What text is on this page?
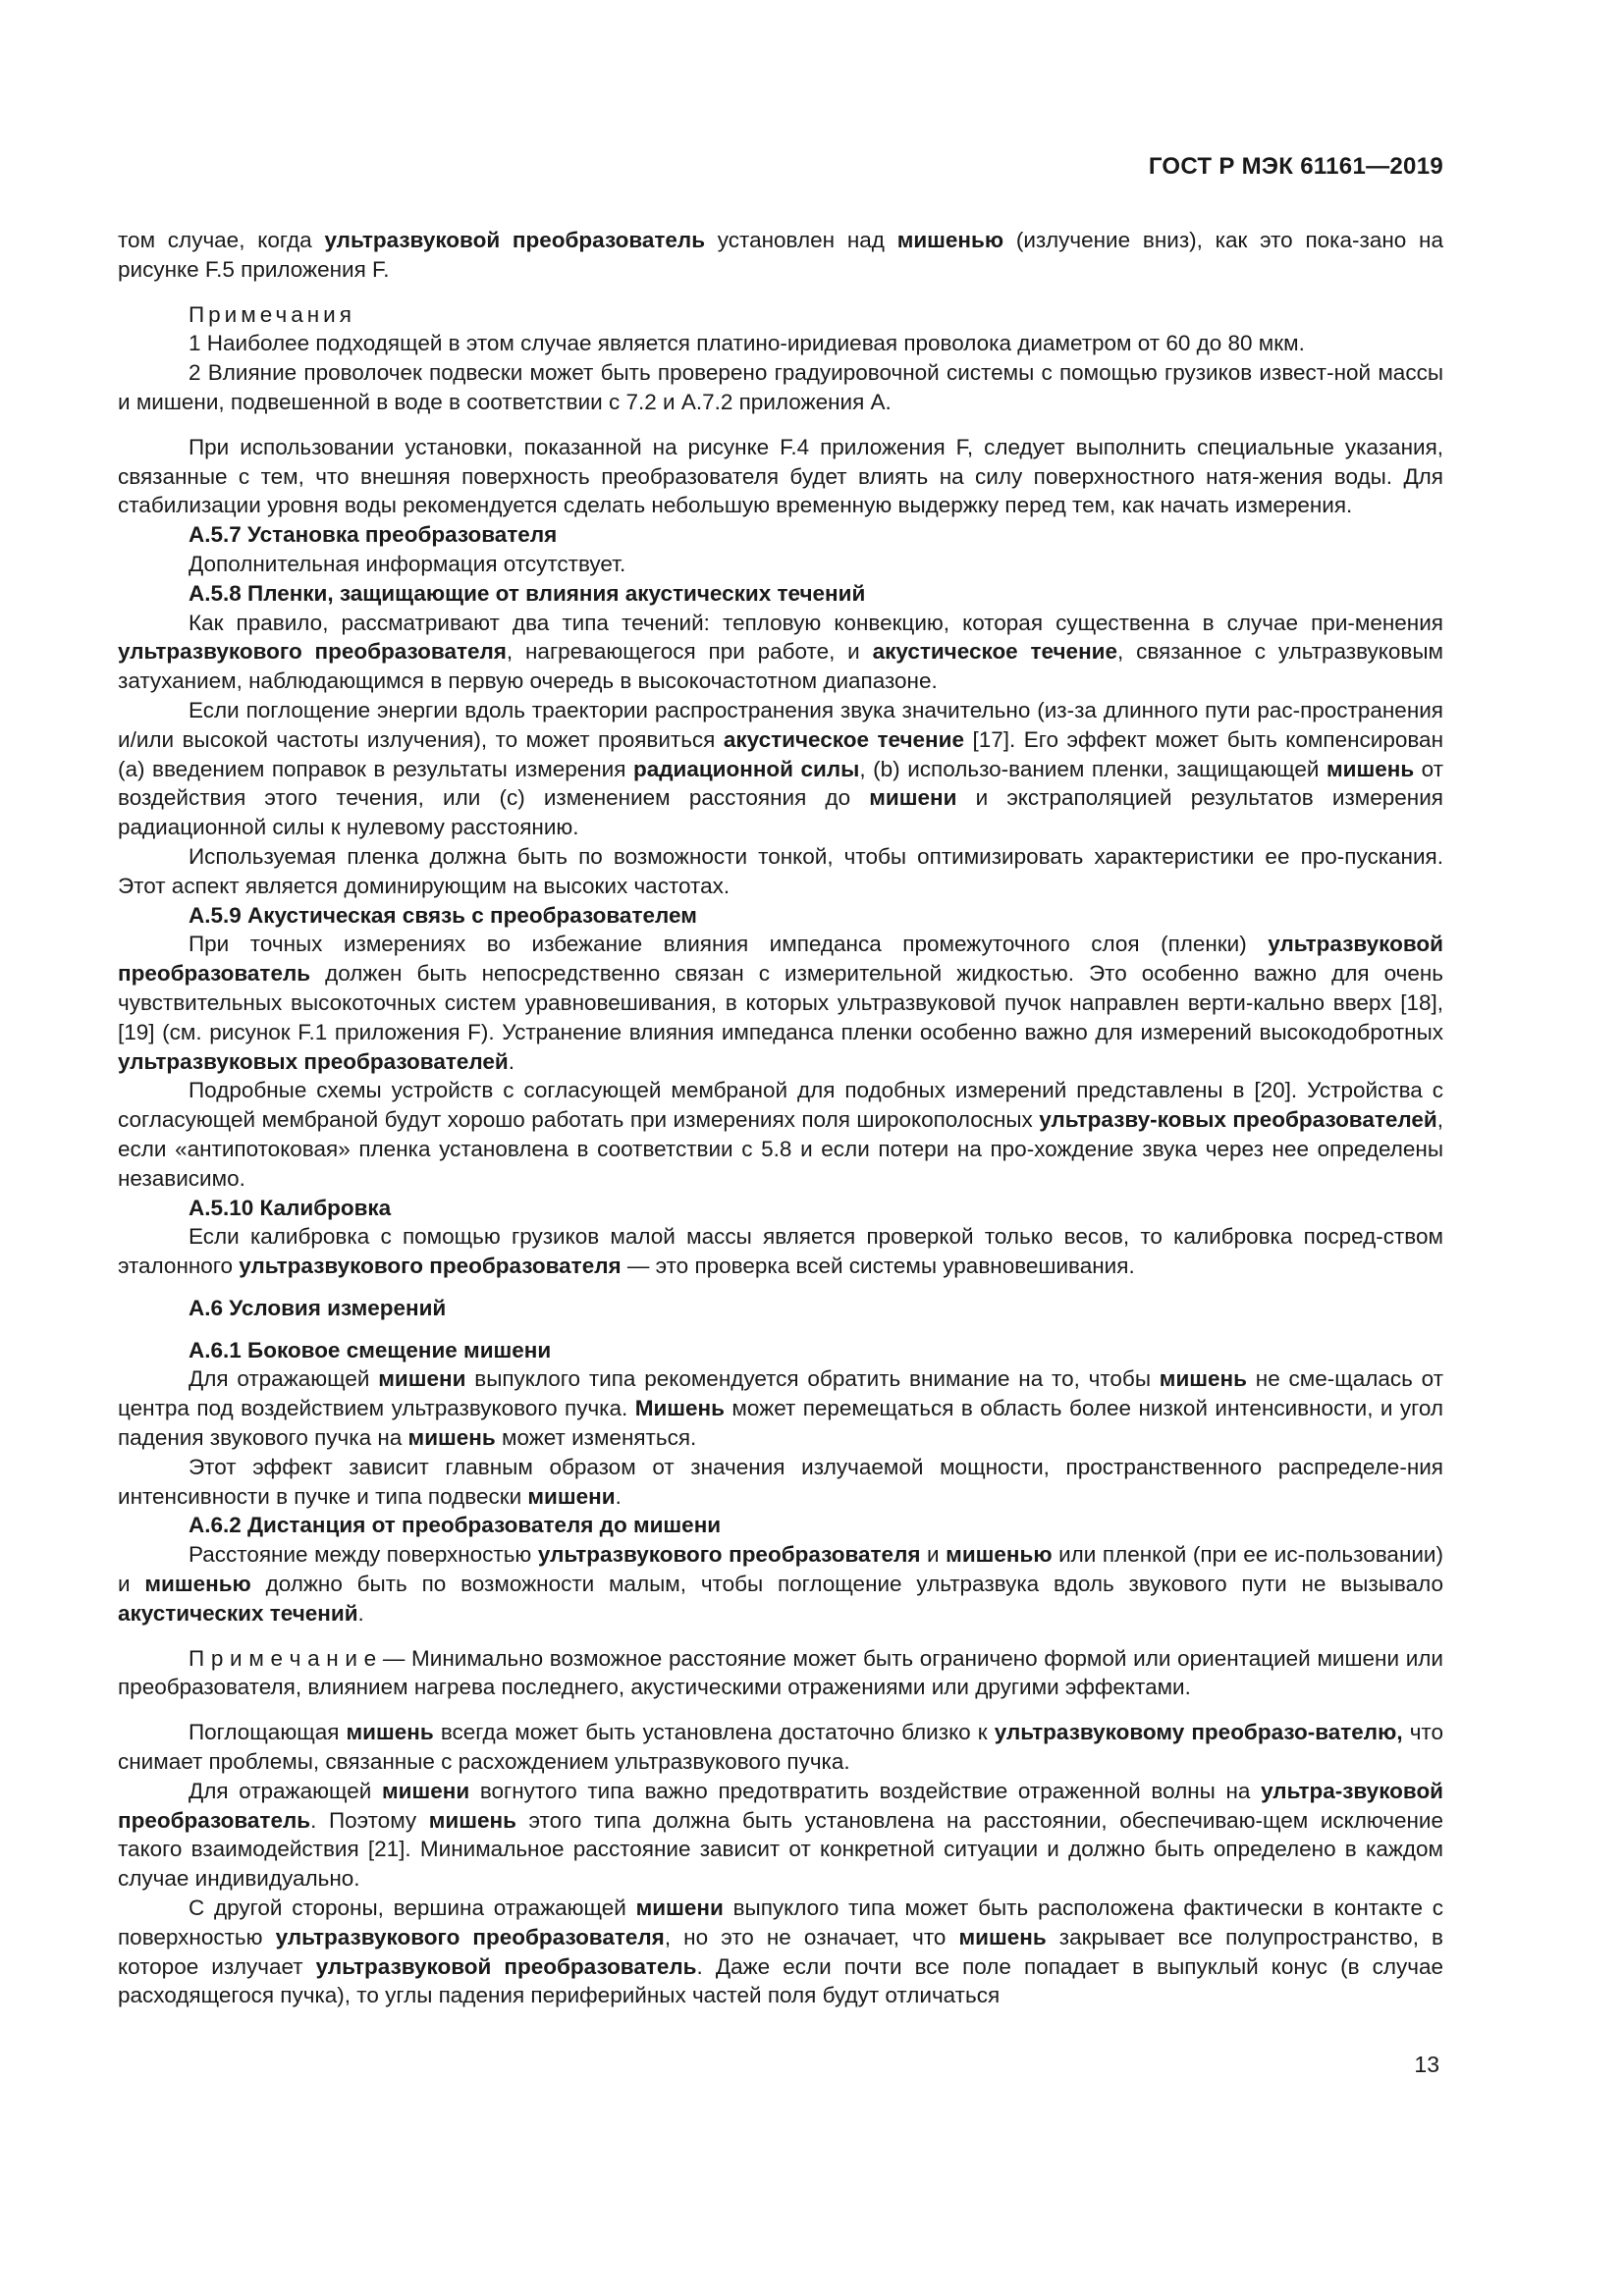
ГОСТ Р МЭК 61161—2019

том случае, когда ультразвуковой преобразователь установлен над мишенью (излучение вниз), как это пока-зано на рисунке F.5 приложения F.

Примечания

1 Наиболее подходящей в этом случае является платино-иридиевая проволока диаметром от 60 до 80 мкм.

2 Влияние проволочек подвески может быть проверено градуировочной системы с помощью грузиков извест-ной массы и мишени, подвешенной в воде в соответствии с 7.2 и А.7.2 приложения А.

При использовании установки, показанной на рисунке F.4 приложения F, следует выполнить специальные указания, связанные с тем, что внешняя поверхность преобразователя будет влиять на силу поверхностного натя-жения воды. Для стабилизации уровня воды рекомендуется сделать небольшую временную выдержку перед тем, как начать измерения.

А.5.7 Установка преобразователя

Дополнительная информация отсутствует.

А.5.8 Пленки, защищающие от влияния акустических течений

Как правило, рассматривают два типа течений: тепловую конвекцию, которая существенна в случае при-менения ультразвукового преобразователя, нагревающегося при работе, и акустическое течение, связанное с ультразвуковым затуханием, наблюдающимся в первую очередь в высокочастотном диапазоне.

Если поглощение энергии вдоль траектории распространения звука значительно (из-за длинного пути рас-пространения и/или высокой частоты излучения), то может проявиться акустическое течение [17]. Его эффект может быть компенсирован (а) введением поправок в результаты измерения радиационной силы, (b) использо-ванием пленки, защищающей мишень от воздействия этого течения, или (с) изменением расстояния до мишени и экстраполяцией результатов измерения радиационной силы к нулевому расстоянию.

Используемая пленка должна быть по возможности тонкой, чтобы оптимизировать характеристики ее про-пускания. Этот аспект является доминирующим на высоких частотах.

А.5.9 Акустическая связь с преобразователем

При точных измерениях во избежание влияния импеданса промежуточного слоя (пленки) ультразвуковой преобразователь должен быть непосредственно связан с измерительной жидкостью. Это особенно важно для очень чувствительных высокоточных систем уравновешивания, в которых ультразвуковой пучок направлен верти-кально вверх [18], [19] (см. рисунок F.1 приложения F). Устранение влияния импеданса пленки особенно важно для измерений высокодобротных ультразвуковых преобразователей.

Подробные схемы устройств с согласующей мембраной для подобных измерений представлены в [20]. Устройства с согласующей мембраной будут хорошо работать при измерениях поля широкополосных ультразву-ковых преобразователей, если «антипотоковая» пленка установлена в соответствии с 5.8 и если потери на про-хождение звука через нее определены независимо.

А.5.10 Калибровка

Если калибровка с помощью грузиков малой массы является проверкой только весов, то калибровка посред-ством эталонного ультразвукового преобразователя — это проверка всей системы уравновешивания.

А.6 Условия измерений

А.6.1 Боковое смещение мишени

Для отражающей мишени выпуклого типа рекомендуется обратить внимание на то, чтобы мишень не сме-щалась от центра под воздействием ультразвукового пучка. Мишень может перемещаться в область более низкой интенсивности, и угол падения звукового пучка на мишень может изменяться.

Этот эффект зависит главным образом от значения излучаемой мощности, пространственного распределе-ния интенсивности в пучке и типа подвески мишени.

А.6.2 Дистанция от преобразователя до мишени

Расстояние между поверхностью ультразвукового преобразователя и мишенью или пленкой (при ее ис-пользовании) и мишенью должно быть по возможности малым, чтобы поглощение ультразвука вдоль звукового пути не вызывало акустических течений.

П р и м е ч а н и е — Минимально возможное расстояние может быть ограничено формой или ориентацией мишени или преобразователя, влиянием нагрева последнего, акустическими отражениями или другими эффектами.

Поглощающая мишень всегда может быть установлена достаточно близко к ультразвуковому преобразо-вателю, что снимает проблемы, связанные с расхождением ультразвукового пучка.

Для отражающей мишени вогнутого типа важно предотвратить воздействие отраженной волны на ультра-звуковой преобразователь. Поэтому мишень этого типа должна быть установлена на расстоянии, обеспечиваю-щем исключение такого взаимодействия [21]. Минимальное расстояние зависит от конкретной ситуации и должно быть определено в каждом случае индивидуально.

С другой стороны, вершина отражающей мишени выпуклого типа может быть расположена фактически в контакте с поверхностью ультразвукового преобразователя, но это не означает, что мишень закрывает все полупространство, в которое излучает ультразвуковой преобразователь. Даже если почти все поле попадает в выпуклый конус (в случае расходящегося пучка), то углы падения периферийных частей поля будут отличаться

13
